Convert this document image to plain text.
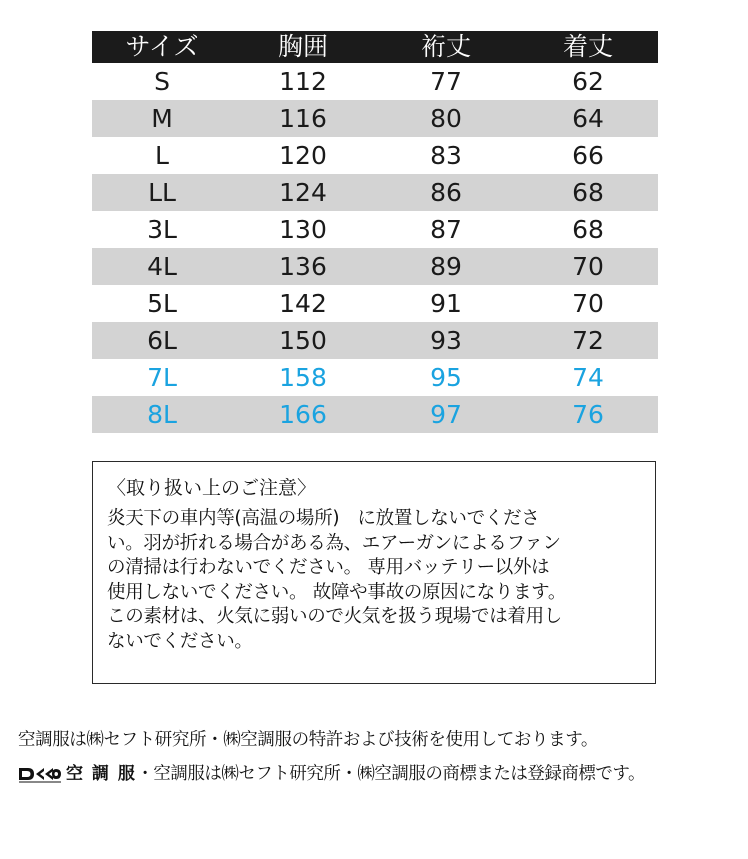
サイズ	胸囲	裄丈	着丈
S	112	77	62
M	116	80	64
L	120	83	66
LL	124	86	68
3L	130	87	68
4L	136	89	70
5L	142	91	70
6L	150	93	72
7L	158	95	74
8L	166	97	76
〈取り扱い上のご注意〉
炎天下の車内等(高温の場所)　に放置しないでくださ
い。羽が折れる場合がある為、エアーガンによるファン
の清掃は行わないでください。 専用バッテリー以外は
使用しないでください。 故障や事故の原因になります。
この素材は、火気に弱いので火気を扱う現場では着用し
ないでください。
空調服は㈱セフト研究所・㈱空調服の特許および技術を使用しております。
空 調 服 ・空調服は㈱セフト研究所・㈱空調服の商標または登録商標です。
